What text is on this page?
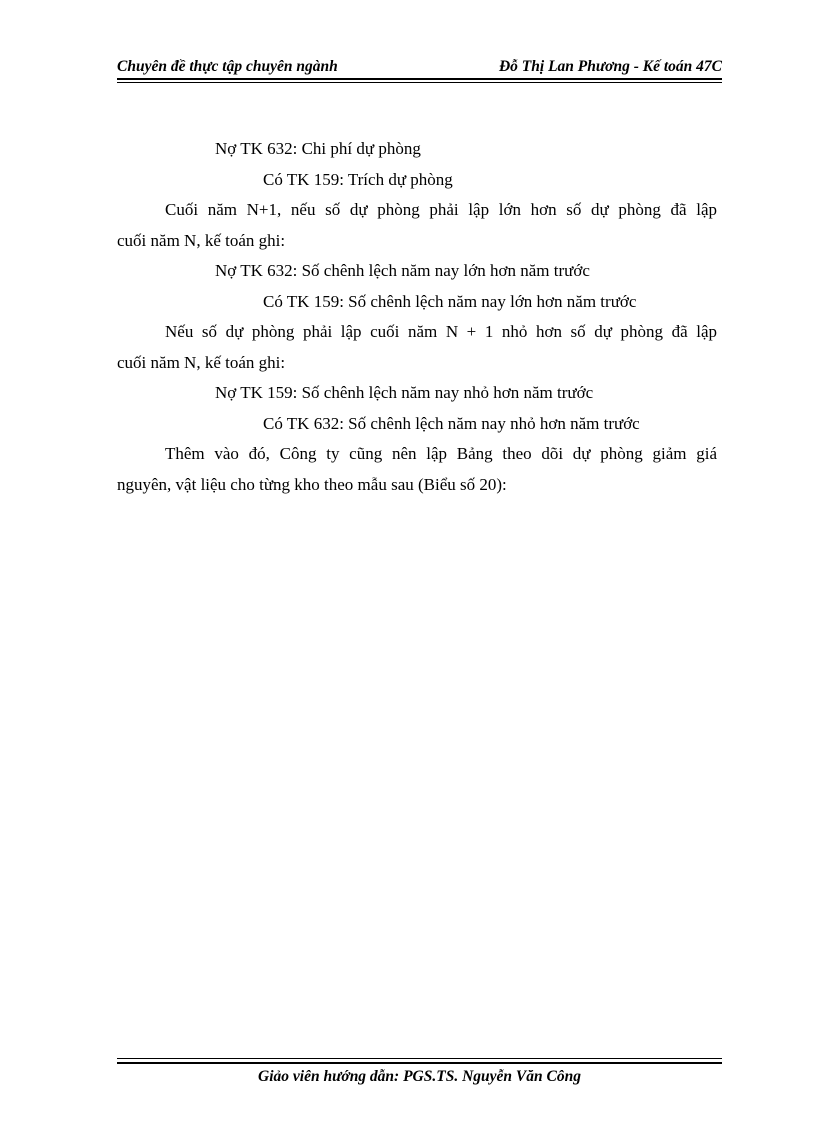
Chuyên đề thực tập chuyên ngành	Đỗ Thị Lan Phương - Kế toán 47C
Nợ TK 632: Chi phí dự phòng
Có TK 159: Trích dự phòng
Cuối năm N+1, nếu số dự phòng phải lập lớn hơn số dự phòng đã lập
cuối năm N, kế toán ghi:
Nợ TK 632: Số chênh lệch năm nay lớn hơn năm trước
Có TK 159: Số chênh lệch năm nay lớn hơn năm trước
Nếu số dự phòng phải lập cuối năm N + 1 nhỏ hơn số dự phòng đã lập
cuối năm N, kế toán ghi:
Nợ TK 159: Số chênh lệch năm nay nhỏ hơn năm trước
Có TK 632: Số chênh lệch năm nay nhỏ hơn năm trước
Thêm vào đó, Công ty cũng nên lập Bảng theo dõi dự phòng giảm giá
nguyên, vật liệu cho từng kho theo mẫu sau (Biểu số 20):
Giảo viên hướng dẫn: PGS.TS. Nguyễn Văn Công
